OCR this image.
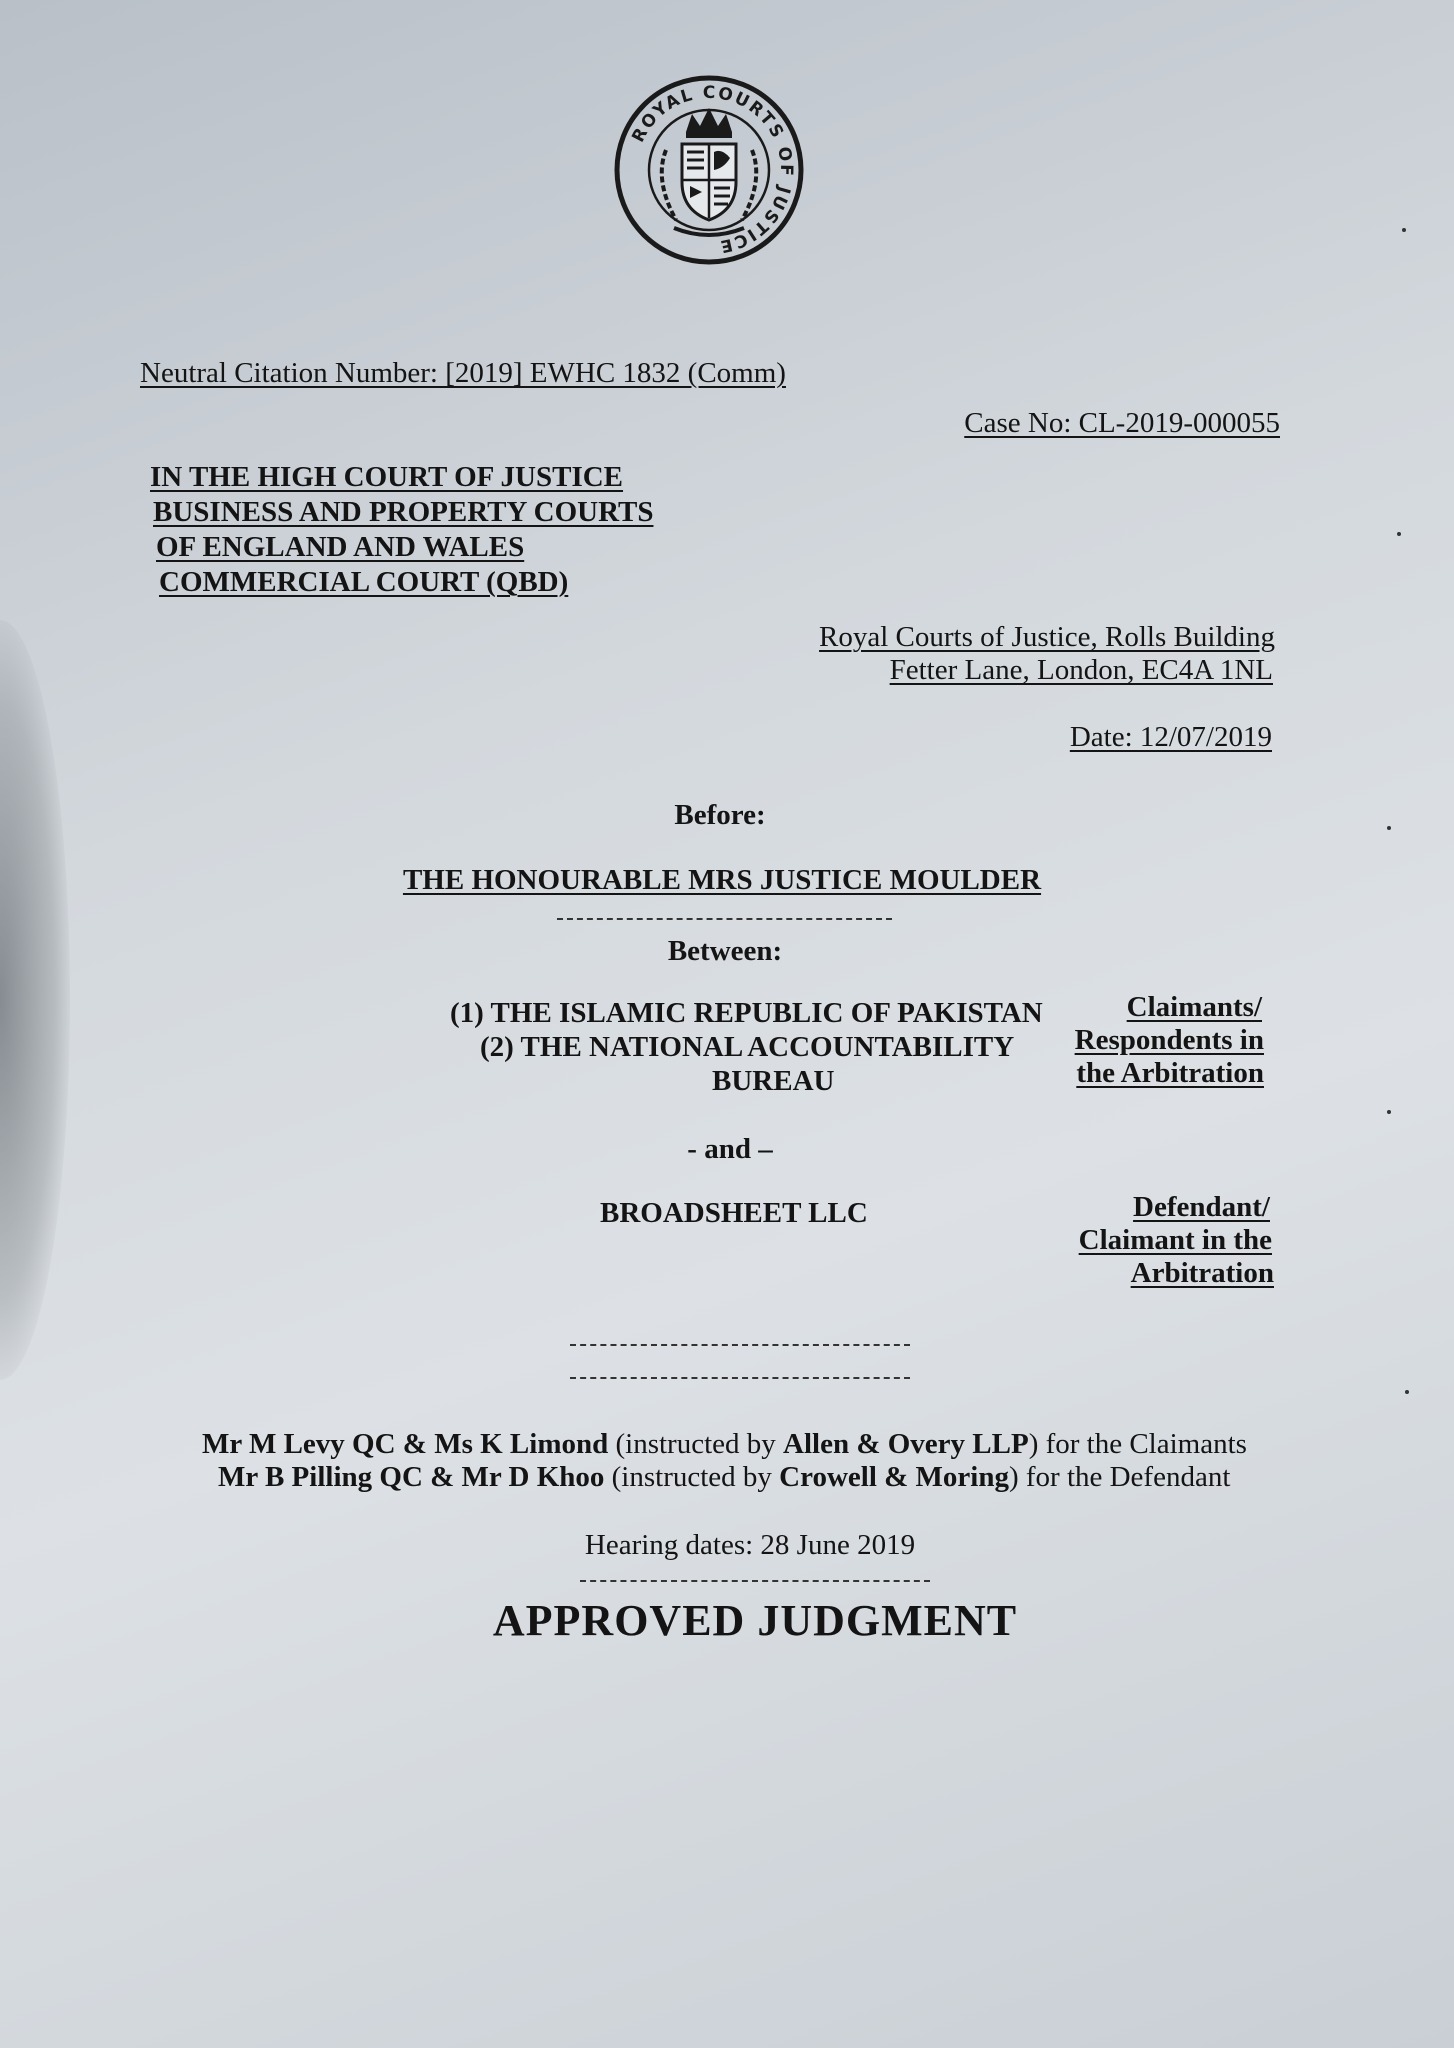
ROYAL COURTS OF JUSTICE
Neutral Citation Number: [2019] EWHC 1832 (Comm)
Case No: CL-2019-000055
IN THE HIGH COURT OF JUSTICE
BUSINESS AND PROPERTY COURTS
OF ENGLAND AND WALES
COMMERCIAL COURT (QBD)
Royal Courts of Justice, Rolls Building
Fetter Lane, London, EC4A 1NL
Date: 12/07/2019
Before:
THE HONOURABLE MRS JUSTICE MOULDER
Between:
(1) THE ISLAMIC REPUBLIC OF PAKISTAN
(2) THE NATIONAL ACCOUNTABILITY
BUREAU
Claimants/
Respondents in
the Arbitration
- and –
BROADSHEET LLC	Defendant/
Claimant in the
Arbitration
Mr M Levy QC & Ms K Limond (instructed by Allen & Overy LLP) for the Claimants
Mr B Pilling QC & Mr D Khoo (instructed by Crowell & Moring) for the Defendant
Hearing dates: 28 June 2019
APPROVED JUDGMENT
